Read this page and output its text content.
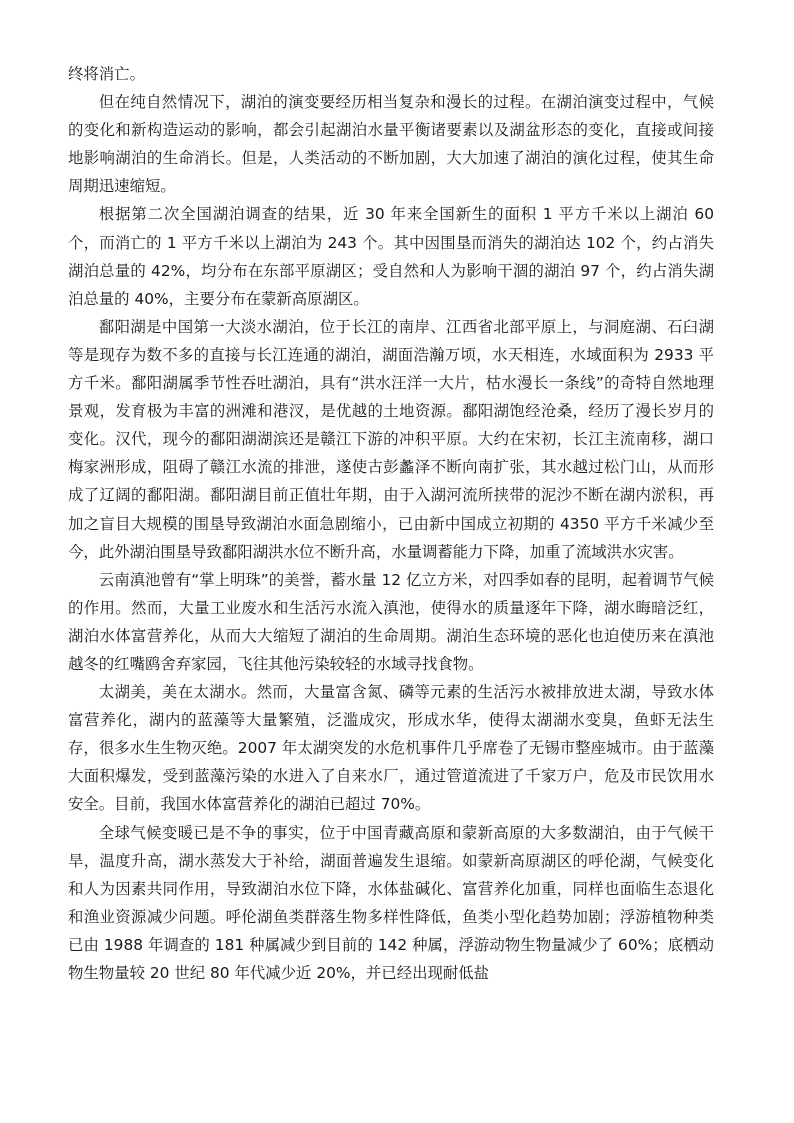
终将消亡。

但在纯自然情况下，湖泊的演变要经历相当复杂和漫长的过程。在湖泊演变过程中，气候的变化和新构造运动的影响，都会引起湖泊水量平衡诸要素以及湖盆形态的变化，直接或间接地影响湖泊的生命消长。但是，人类活动的不断加剧，大大加速了湖泊的演化过程，使其生命周期迅速缩短。

根据第二次全国湖泊调查的结果，近 30 年来全国新生的面积 1 平方千米以上湖泊 60 个，而消亡的 1 平方千米以上湖泊为 243 个。其中因围垦而消失的湖泊达 102 个，约占消失湖泊总量的 42%，均分布在东部平原湖区；受自然和人为影响干涸的湖泊 97 个，约占消失湖泊总量的 40%，主要分布在蒙新高原湖区。

鄱阳湖是中国第一大淡水湖泊，位于长江的南岸、江西省北部平原上，与洞庭湖、石臼湖等是现存为数不多的直接与长江连通的湖泊，湖面浩瀚万顷，水天相连，水域面积为 2933 平方千米。鄱阳湖属季节性吞吐湖泊，具有“洪水汪洋一大片，枯水漫长一条线”的奇特自然地理景观，发育极为丰富的洲滩和港汊，是优越的土地资源。鄱阳湖饱经沧桑，经历了漫长岁月的变化。汉代，现今的鄱阳湖湖滨还是赣江下游的冲积平原。大约在宋初，长江主流南移，湖口梅家洲形成，阻碍了赣江水流的排泄，遂使古彭蠡泽不断向南扩张，其水越过松门山，从而形成了辽阔的鄱阳湖。鄱阳湖目前正值壮年期，由于入湖河流所挟带的泥沙不断在湖内淤积，再加之盲目大规模的围垦导致湖泊水面急剧缩小，已由新中国成立初期的 4350 平方千米减少至今，此外湖泊围垦导致鄱阳湖洪水位不断升高，水量调蓄能力下降，加重了流域洪水灾害。

云南滇池曾有“掌上明珠”的美誉，蓄水量 12 亿立方米，对四季如春的昆明，起着调节气候的作用。然而，大量工业废水和生活污水流入滇池，使得水的质量逐年下降，湖水晦暗泛红，湖泊水体富营养化，从而大大缩短了湖泊的生命周期。湖泊生态环境的恶化也迫使历来在滇池越冬的红嘴鸥舍弃家园，飞往其他污染较轻的水域寻找食物。

太湖美，美在太湖水。然而，大量富含氮、磷等元素的生活污水被排放进太湖，导致水体富营养化，湖内的蓝藻等大量繁殖，泛滥成灾，形成水华，使得太湖湖水变臭，鱼虾无法生存，很多水生生物灭绝。2007 年太湖突发的水危机事件几乎席卷了无锡市整座城市。由于蓝藻大面积爆发，受到蓝藻污染的水进入了自来水厂，通过管道流进了千家万户，危及市民饮用水安全。目前，我国水体富营养化的湖泊已超过 70%。

全球气候变暖已是不争的事实，位于中国青藏高原和蒙新高原的大多数湖泊，由于气候干旱，温度升高，湖水蒸发大于补给，湖面普遍发生退缩。如蒙新高原湖区的呼伦湖，气候变化和人为因素共同作用，导致湖泊水位下降，水体盐碱化、富营养化加重，同样也面临生态退化和渔业资源减少问题。呼伦湖鱼类群落生物多样性降低，鱼类小型化趋势加剧；浮游植物种类已由 1988 年调查的 181 种属减少到目前的 142 种属，浮游动物生物量减少了 60%；底栖动物生物量较 20 世纪 80 年代减少近 20%，并已经出现耐低盐
